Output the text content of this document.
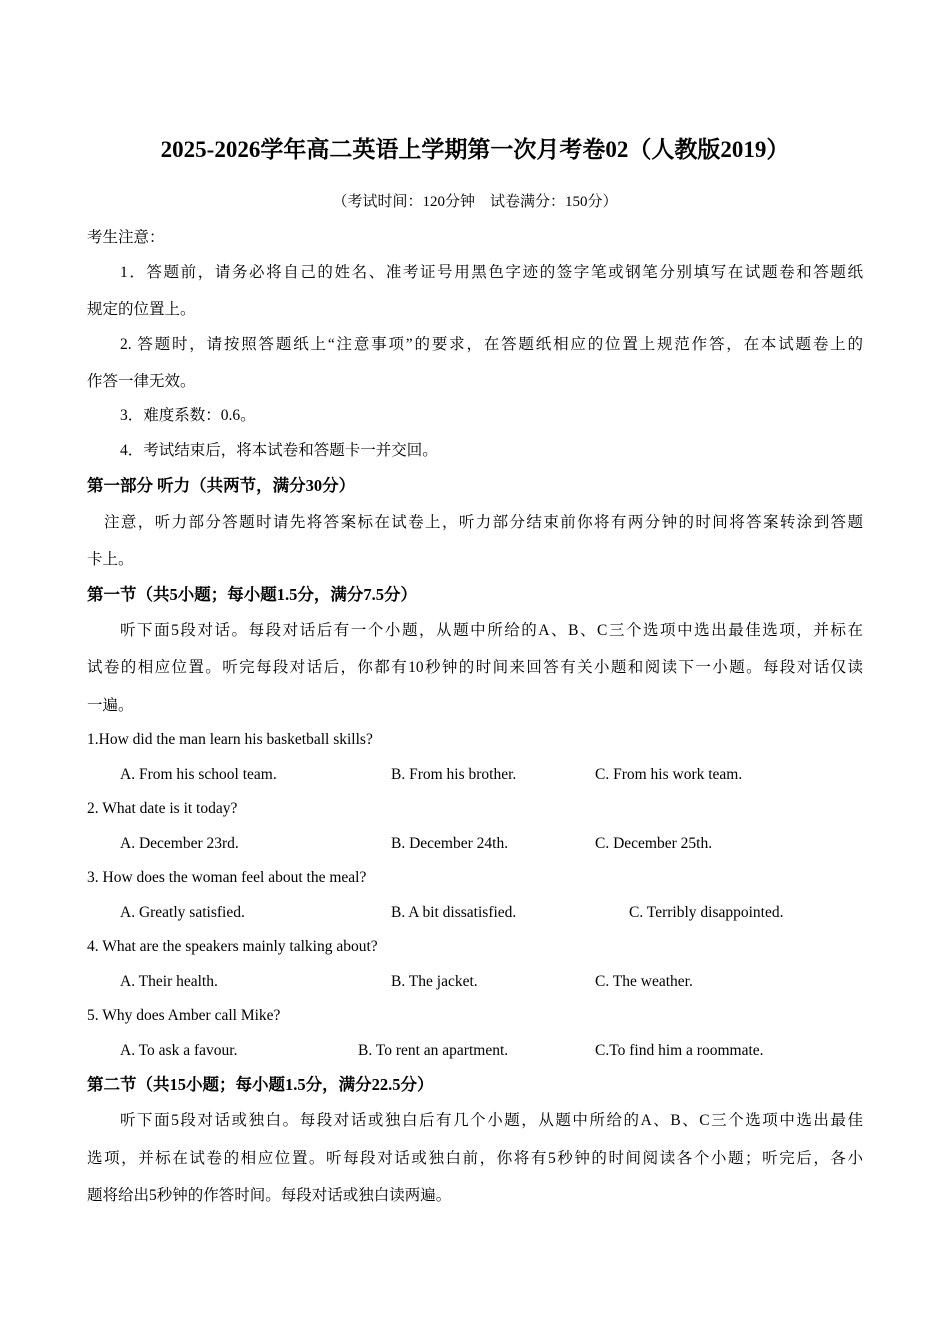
2025-2026学年高二英语上学期第一次月考卷02（人教版2019）
（考试时间：120分钟　试卷满分：150分）
考生注意：
1．答题前，请务必将自己的姓名、准考证号用黑色字迹的签字笔或钢笔分别填写在试题卷和答题纸
规定的位置上。
2. 答题时，请按照答题纸上“注意事项”的要求，在答题纸相应的位置上规范作答，在本试题卷上的
作答一律无效。
3．难度系数：0.6。
4．考试结束后，将本试卷和答题卡一并交回。
第一部分 听力（共两节，满分30分）
注意，听力部分答题时请先将答案标在试卷上，听力部分结束前你将有两分钟的时间将答案转涂到答题
卡上。
第一节（共5小题；每小题1.5分，满分7.5分）
听下面5段对话。每段对话后有一个小题，从题中所给的A、B、C三个选项中选出最佳选项，并标在
试卷的相应位置。听完每段对话后，你都有10秒钟的时间来回答有关小题和阅读下一小题。每段对话仅读
一遍。
1.How did the man learn his basketball skills?
A. From his school team.	B. From his brother.	C. From his work team.
2. What date is it today?
A. December 23rd.	B. December 24th.	C. December 25th.
3. How does the woman feel about the meal?
A. Greatly satisfied.	B. A bit dissatisfied.	C. Terribly disappointed.
4. What are the speakers mainly talking about?
A. Their health.	B. The jacket.	C. The weather.
5. Why does Amber call Mike?
A. To ask a favour.	B. To rent an apartment.	C.To find him a roommate.
第二节（共15小题；每小题1.5分，满分22.5分）
听下面5段对话或独白。每段对话或独白后有几个小题，从题中所给的A、B、C三个选项中选出最佳
选项，并标在试卷的相应位置。听每段对话或独白前，你将有5秒钟的时间阅读各个小题；听完后，各小
题将给出5秒钟的作答时间。每段对话或独白读两遍。
